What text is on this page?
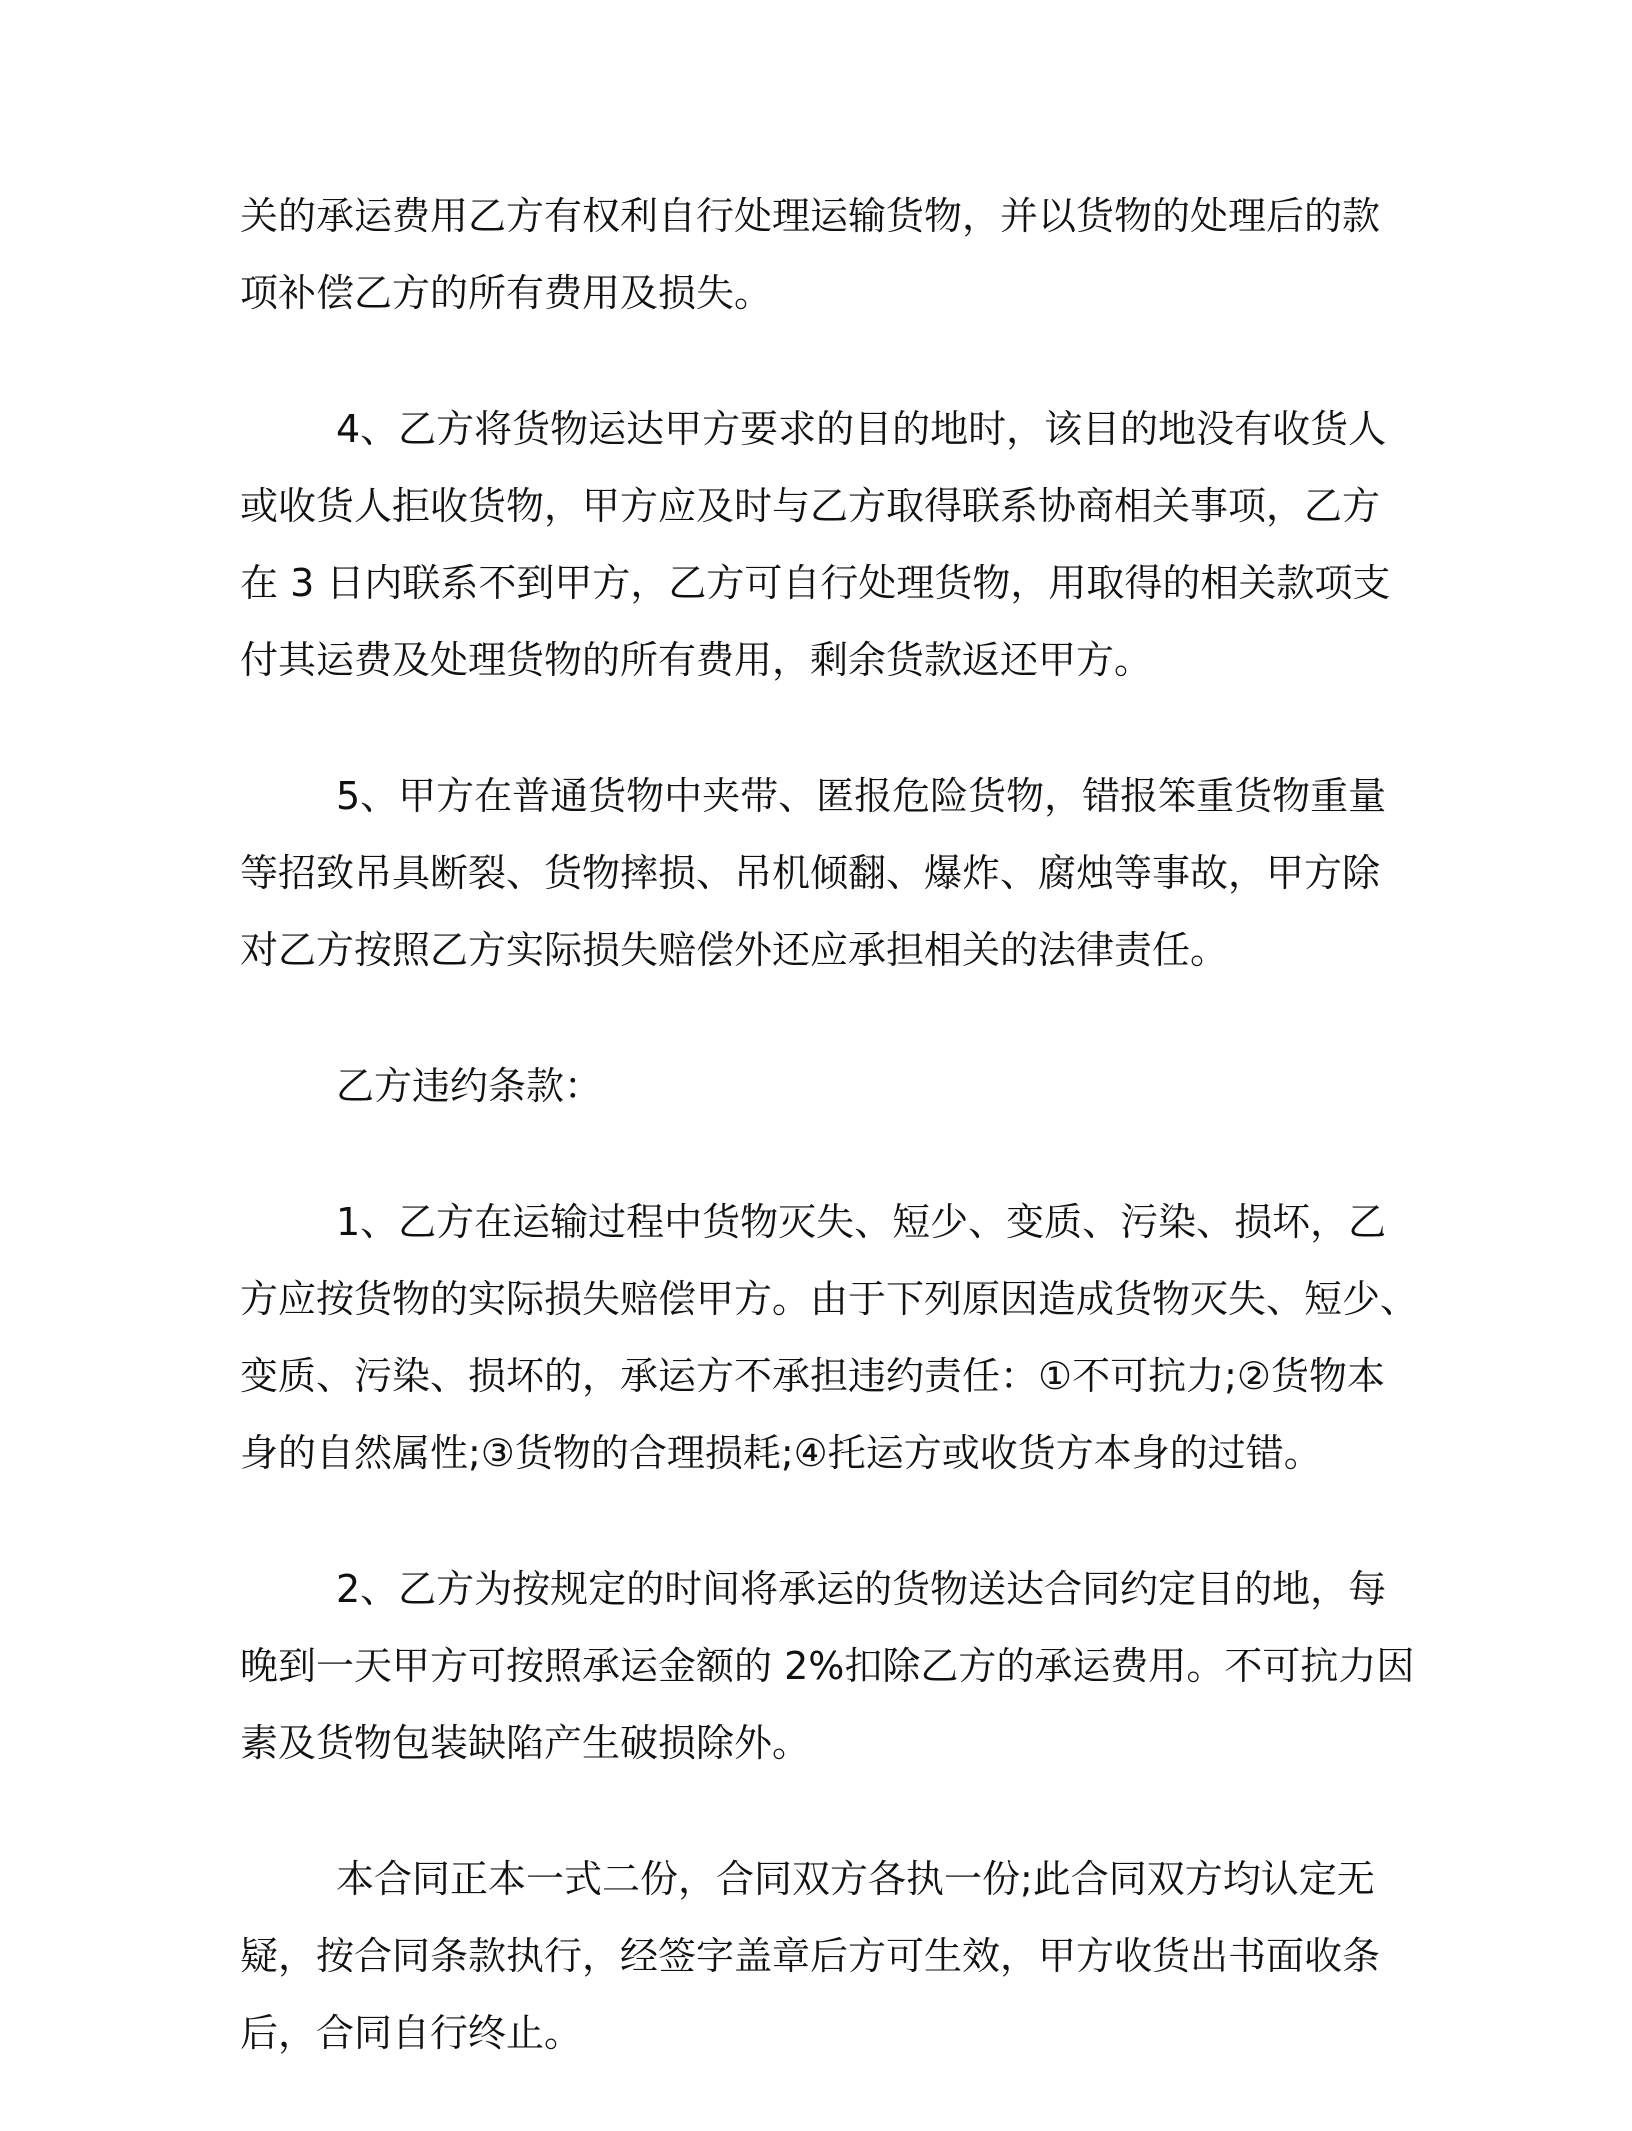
关的承运费用乙方有权利自行处理运输货物，并以货物的处理后的款
项补偿乙方的所有费用及损失。
4、乙方将货物运达甲方要求的目的地时，该目的地没有收货人
或收货人拒收货物，甲方应及时与乙方取得联系协商相关事项，乙方
在 3 日内联系不到甲方，乙方可自行处理货物，用取得的相关款项支
付其运费及处理货物的所有费用，剩余货款返还甲方。
5、甲方在普通货物中夹带、匿报危险货物，错报笨重货物重量
等招致吊具断裂、货物摔损、吊机倾翻、爆炸、腐烛等事故，甲方除
对乙方按照乙方实际损失赔偿外还应承担相关的法律责任。
乙方违约条款：
1、乙方在运输过程中货物灭失、短少、变质、污染、损坏，乙
方应按货物的实际损失赔偿甲方。由于下列原因造成货物灭失、短少、
变质、污染、损坏的，承运方不承担违约责任：①不可抗力;②货物本
身的自然属性;③货物的合理损耗;④托运方或收货方本身的过错。
2、乙方为按规定的时间将承运的货物送达合同约定目的地，每
晚到一天甲方可按照承运金额的 2%扣除乙方的承运费用。不可抗力因
素及货物包装缺陷产生破损除外。
本合同正本一式二份，合同双方各执一份;此合同双方均认定无
疑，按合同条款执行，经签字盖章后方可生效，甲方收货出书面收条
后，合同自行终止。
